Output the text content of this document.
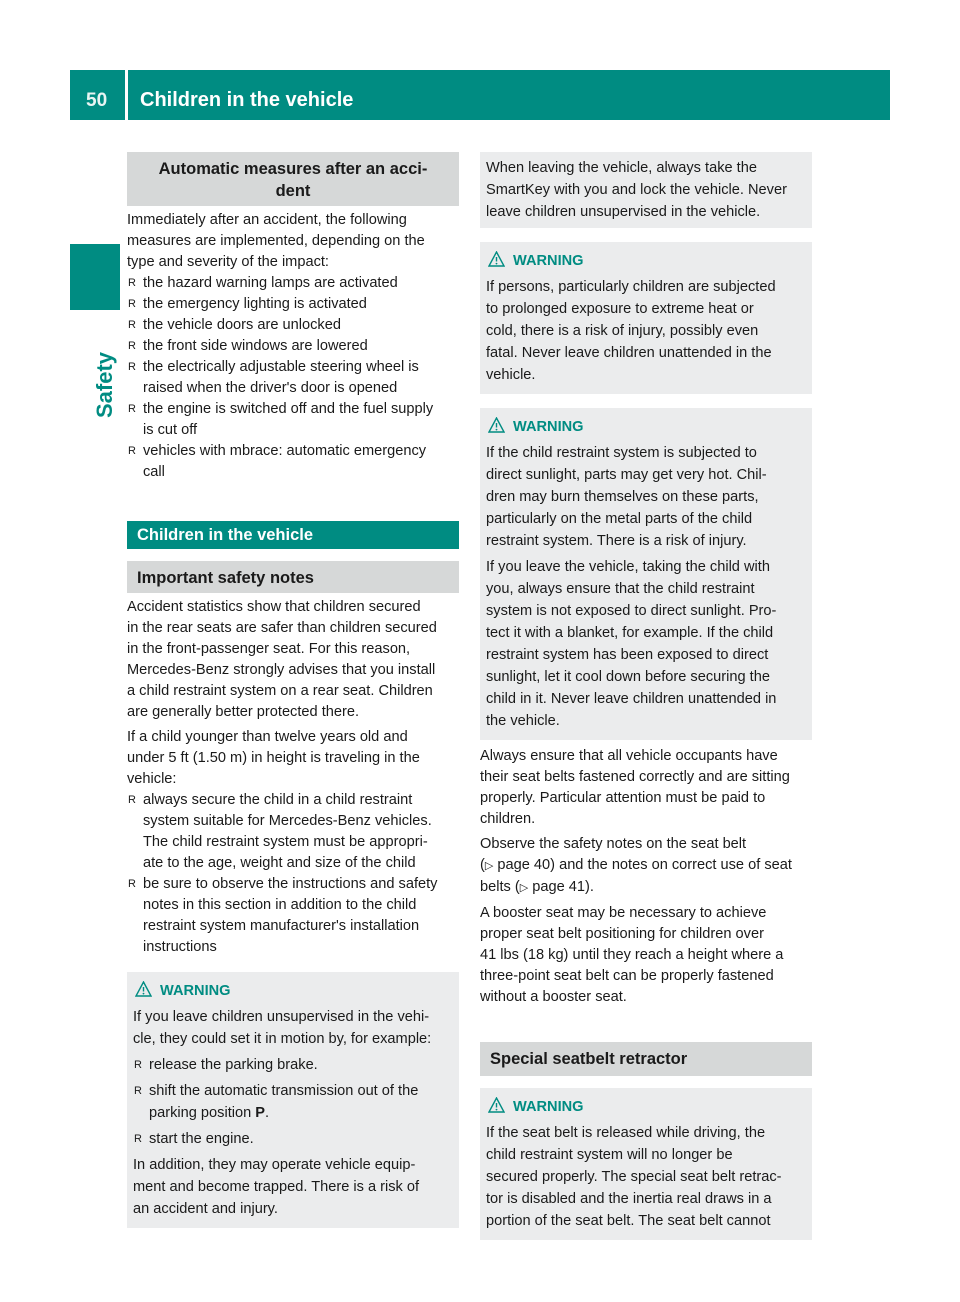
50 Children in the vehicle
Safety
Automatic measures after an acci-
dent

Immediately after an accident, the following
measures are implemented, depending on the
type and severity of the impact:

R the hazard warning lamps are activated
R the emergency lighting is activated
R the vehicle doors are unlocked
R the front side windows are lowered
R the electrically adjustable steering wheel is
raised when the driver's door is opened
R the engine is switched off and the fuel supply
is cut off
R vehicles with mbrace: automatic emergency
call
Children in the vehicle
Important safety notes

Accident statistics show that children secured
in the rear seats are safer than children secured
in the front-passenger seat. For this reason,
Mercedes-Benz strongly advises that you install
a child restraint system on a rear seat. Children
are generally better protected there.

If a child younger than twelve years old and
under 5 ft (1.50 m) in height is traveling in the
vehicle:

R always secure the child in a child restraint
system suitable for Mercedes-Benz vehicles.
The child restraint system must be appropri-
ate to the age, weight and size of the child
R be sure to observe the instructions and safety
notes in this section in addition to the child
restraint system manufacturer's installation
instructions
WARNING

If you leave children unsupervised in the vehi-
cle, they could set it in motion by, for example:

R release the parking brake.
R shift the automatic transmission out of the
parking position P.
R start the engine.

In addition, they may operate vehicle equip-
ment and become trapped. There is a risk of
an accident and injury.

When leaving the vehicle, always take the
SmartKey with you and lock the vehicle. Never
leave children unsupervised in the vehicle.
WARNING

If persons, particularly children are subjected
to prolonged exposure to extreme heat or
cold, there is a risk of injury, possibly even
fatal. Never leave children unattended in the
vehicle.

WARNING

If the child restraint system is subjected to
direct sunlight, parts may get very hot. Chil-
dren may burn themselves on these parts,
particularly on the metal parts of the child
restraint system. There is a risk of injury.

If you leave the vehicle, taking the child with
you, always ensure that the child restraint
system is not exposed to direct sunlight. Pro-
tect it with a blanket, for example. If the child
restraint system has been exposed to direct
sunlight, let it cool down before securing the
child in it. Never leave children unattended in
the vehicle.

Always ensure that all vehicle occupants have
their seat belts fastened correctly and are sitting
properly. Particular attention must be paid to
children.

Observe the safety notes on the seat belt
(▷ page 40) and the notes on correct use of seat
belts (▷ page 41).

A booster seat may be necessary to achieve
proper seat belt positioning for children over
41 lbs (18 kg) until they reach a height where a
three-point seat belt can be properly fastened
without a booster seat.

Special seatbelt retractor
WARNING

If the seat belt is released while driving, the
child restraint system will no longer be
secured properly. The special seat belt retrac-
tor is disabled and the inertia real draws in a
portion of the seat belt. The seat belt cannot
